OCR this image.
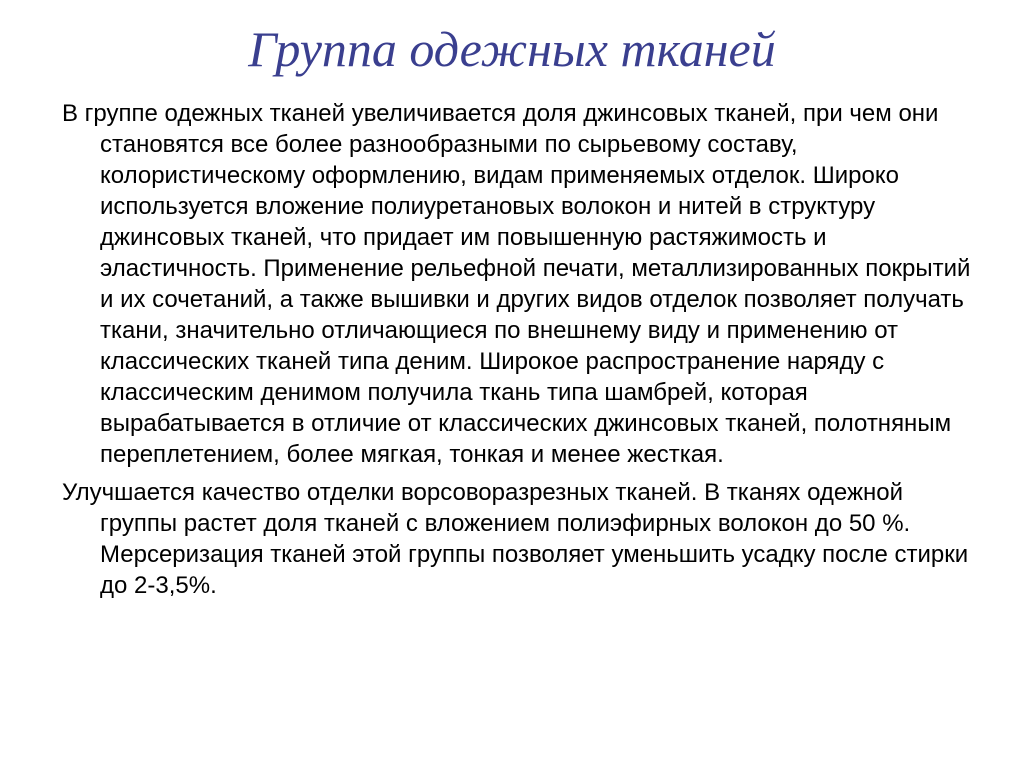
Группа одежных тканей

В группе одежных тканей увеличивается доля джинсовых тканей, при чем они становятся все более разнообразными по сырьевому составу, колористическому оформлению, видам применяемых отделок. Широко используется вложение полиуретановых волокон и нитей в структуру джинсовых тканей, что придает им повышенную растяжимость и эластичность. Применение рельефной печати, металлизированных покрытий и их сочетаний, а также вышивки и других видов отделок позволяет получать ткани, значительно отличающиеся по внешнему виду и применению от классических тканей типа деним. Широкое распространение наряду с классическим денимом получила ткань типа шамбрей, которая вырабатывается в отличие от классических джинсовых тканей, полотняным переплетением, более мягкая, тонкая и менее жесткая.

Улучшается качество отделки ворсоворазрезных тканей. В тканях одежной группы растет доля тканей с вложением полиэфирных волокон до 50 %. Мерсеризация тканей этой группы позволяет уменьшить усадку после стирки до 2-3,5%.
